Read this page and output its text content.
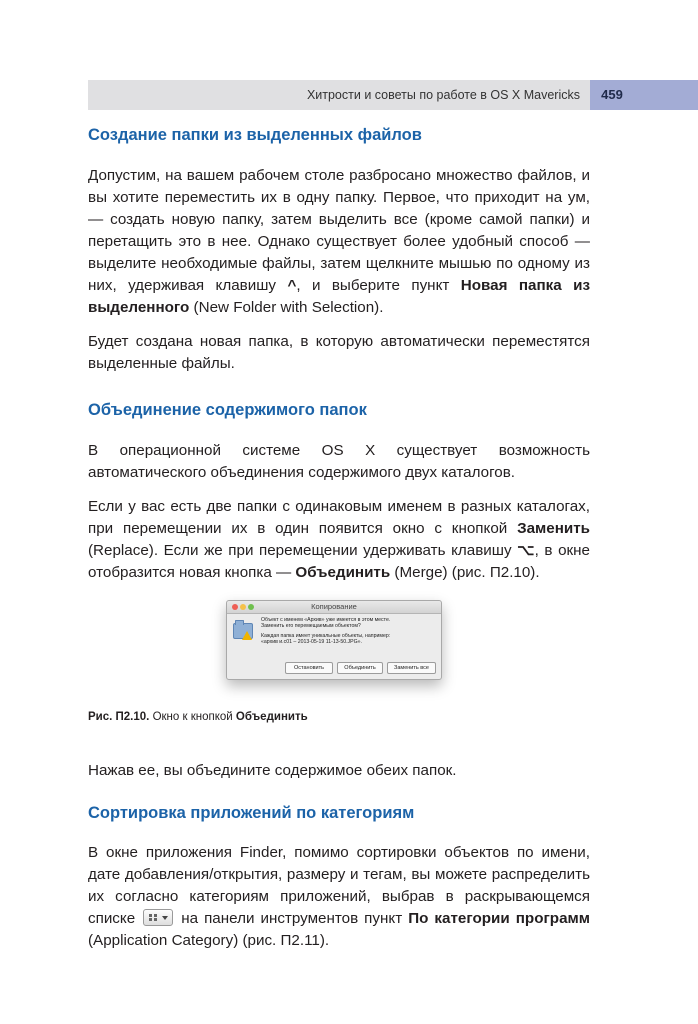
Хитрости и советы по работе в OS X Mavericks	459
Создание папки из выделенных файлов

Допустим, на вашем рабочем столе разбросано множество файлов, и вы хотите переместить их в одну папку. Первое, что приходит на ум, — создать новую папку, затем выделить все (кроме самой папки) и перетащить это в нее. Однако существует более удобный способ — выделите необходимые файлы, затем щелкните мышью по одному из них, удерживая клавишу ^, и выберите пункт Новая папка из выделенного (New Folder with Selection).

Будет создана новая папка, в которую автоматически переместятся выделенные файлы.

Объединение содержимого папок

В операционной системе OS X существует возможность автоматического объединения содержимого двух каталогов.

Если у вас есть две папки с одинаковым именем в разных каталогах, при перемещении их в один появится окно с кнопкой Заменить (Replace). Если же при перемещении удерживать клавишу ⌥, в окне отобразится новая кнопка — Объединить (Merge) (рис. П2.10).

Копирование
Объект с именем «Архив» уже имеется в этом месте.
Заменить его перемещаемым объектом?
Каждая папка имеет уникальные объекты, например:
«архив и.с01 – 2013-05-19 11-13-50.JPG».
Остановить	Объединить	Заменить все
Рис. П2.10. Окно к кнопкой Объединить

Нажав ее, вы объедините содержимое обеих папок.

Сортировка приложений по категориям

В окне приложения Finder, помимо сортировки объектов по имени, дате добавления/открытия, размеру и тегам, вы можете распределить их согласно категориям приложений, выбрав в раскрывающемся списке
на панели инструментов пункт По категории программ (Application Category) (рис. П2.11).
